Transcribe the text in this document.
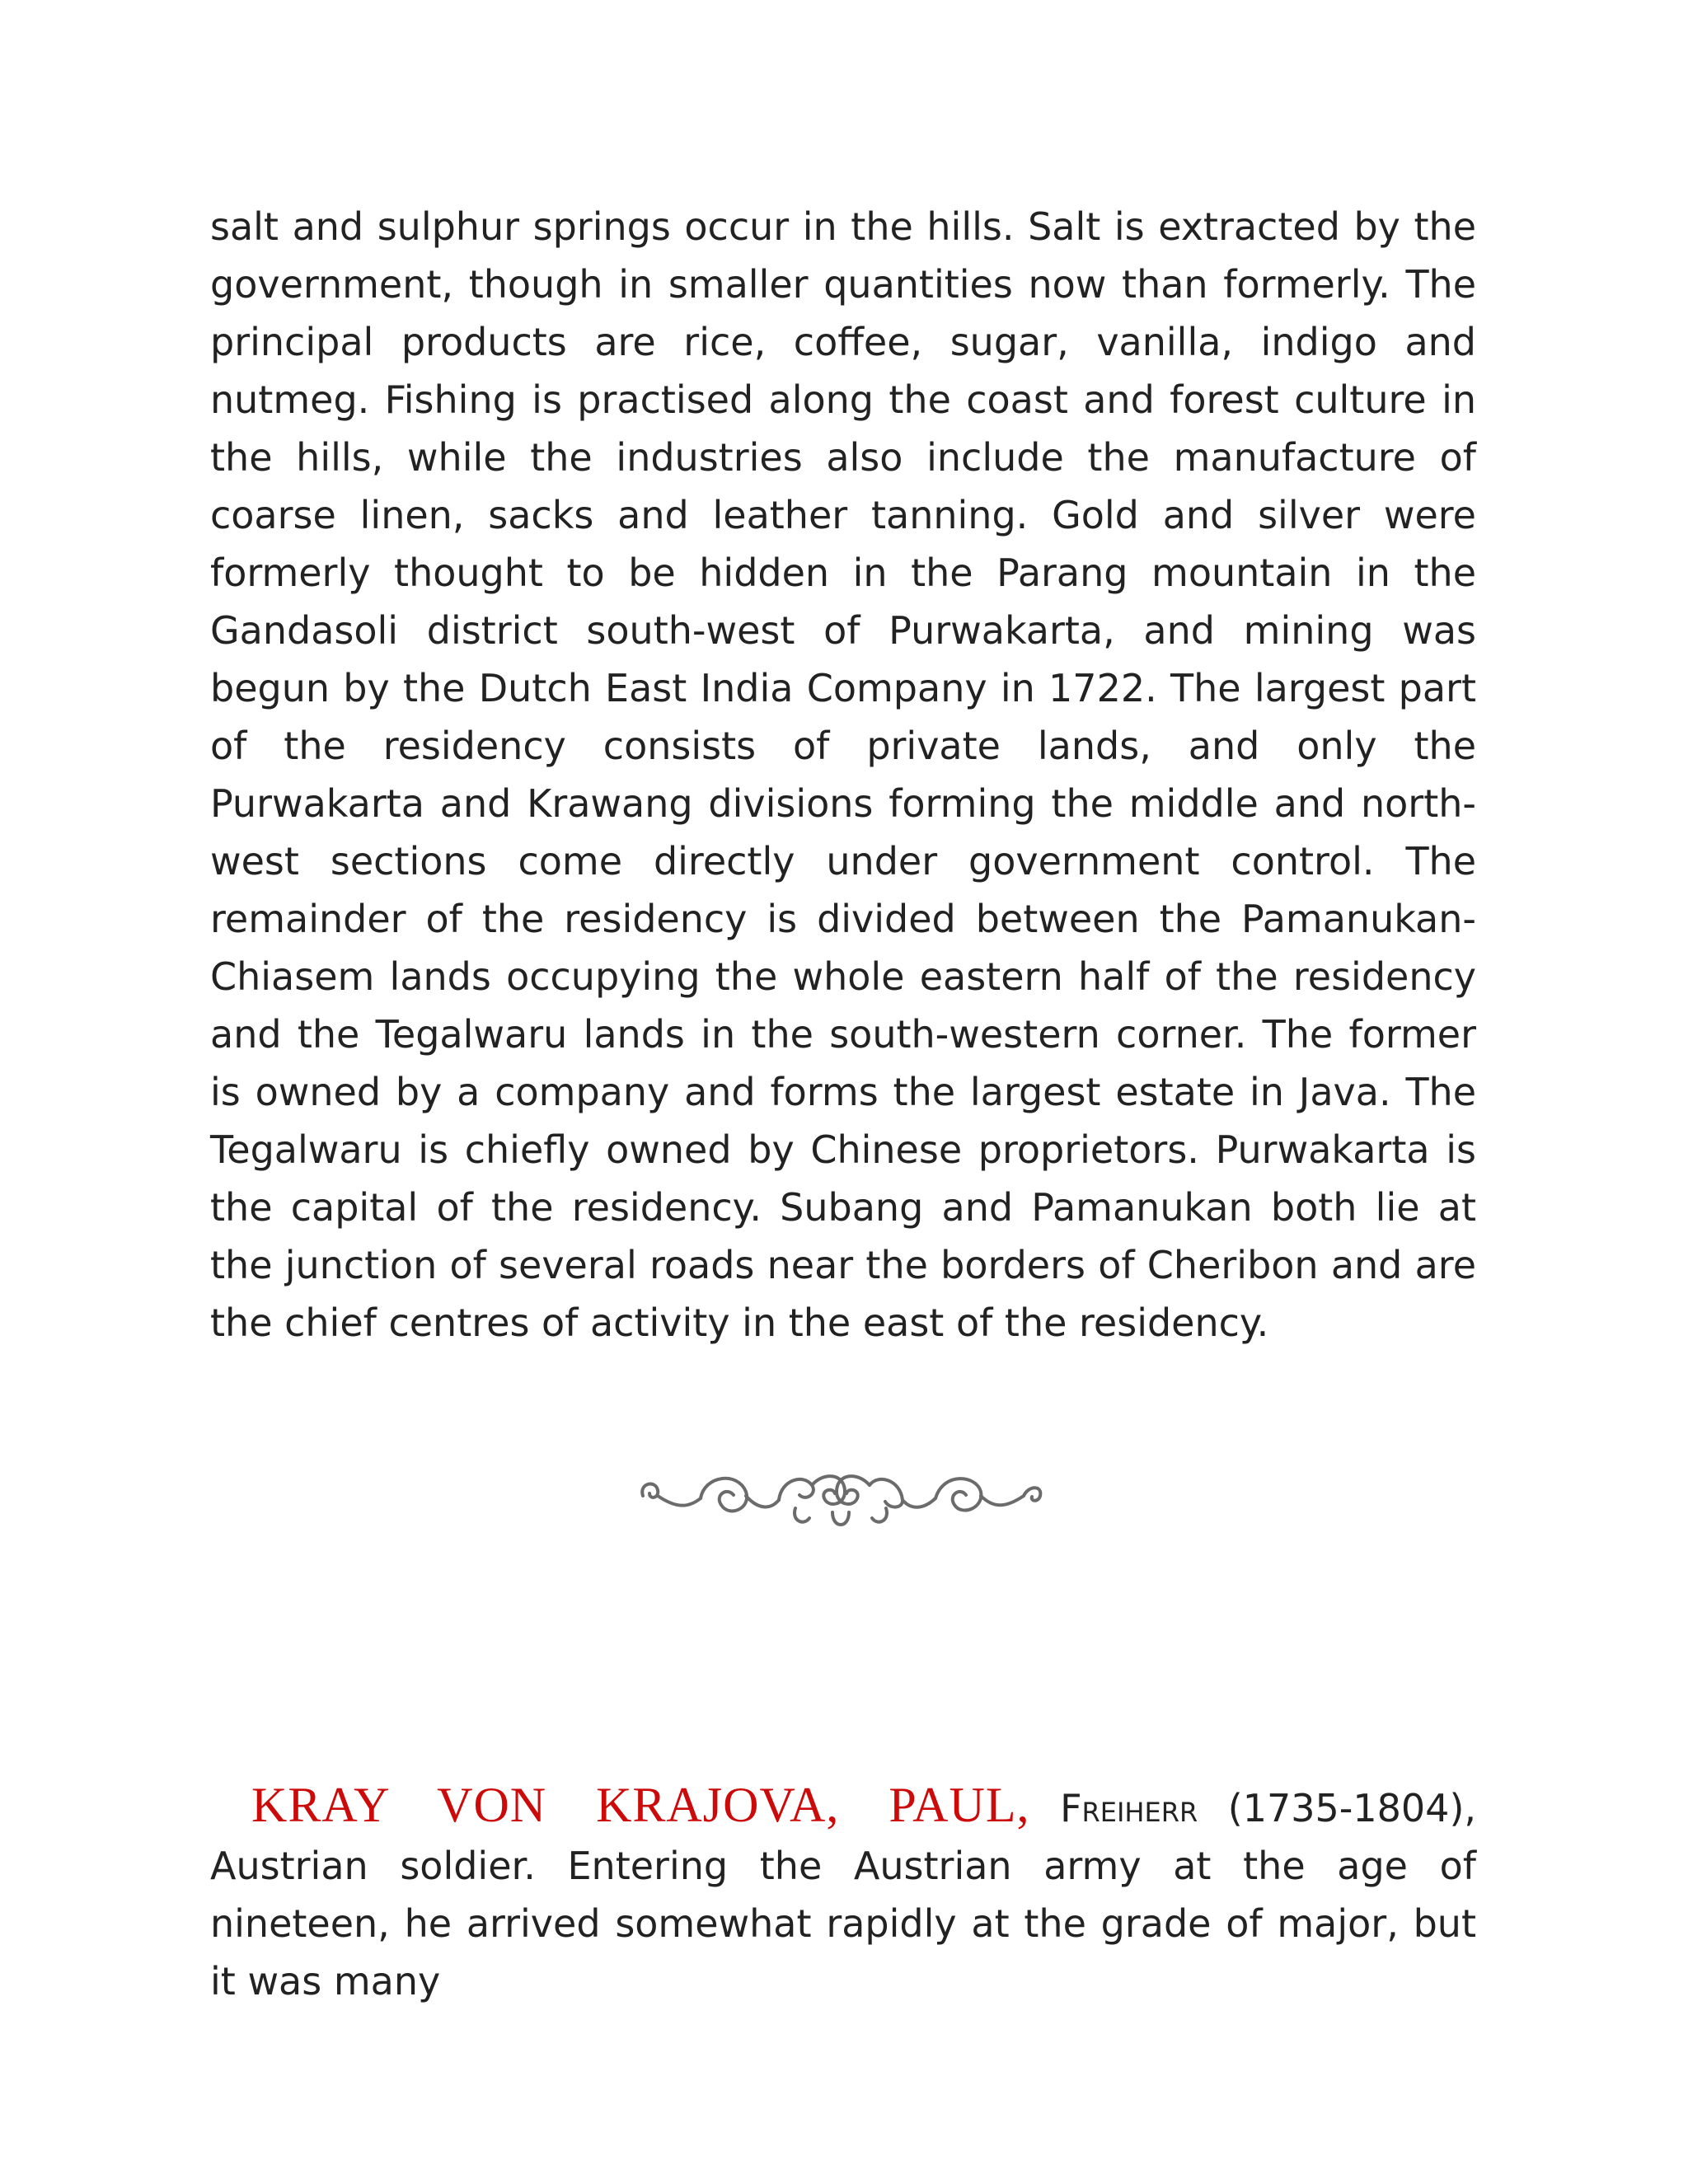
salt and sulphur springs occur in the hills. Salt is extracted by the government, though in smaller quantities now than formerly. The principal products are rice, coffee, sugar, vanilla, indigo and nutmeg. Fishing is practised along the coast and forest culture in the hills, while the industries also include the manufacture of coarse linen, sacks and leather tanning. Gold and silver were formerly thought to be hidden in the Parang mountain in the Gandasoli district south-west of Purwakarta, and mining was begun by the Dutch East India Company in 1722. The largest part of the residency consists of private lands, and only the Purwakarta and Krawang divisions forming the middle and north-west sections come directly under government control. The remainder of the residency is divided between the Pamanukan-Chiasem lands occupying the whole eastern half of the residency and the Tegalwaru lands in the south-western corner. The former is owned by a company and forms the largest estate in Java. The Tegalwaru is chiefly owned by Chinese proprietors. Purwakarta is the capital of the residency. Subang and Pamanukan both lie at the junction of several roads near the borders of Cheribon and are the chief centres of activity in the east of the residency.

KRAY VON KRAJOVA, PAUL, Freiherr (1735-1804), Austrian soldier. Entering the Austrian army at the age of nineteen, he arrived somewhat rapidly at the grade of major, but it was many
